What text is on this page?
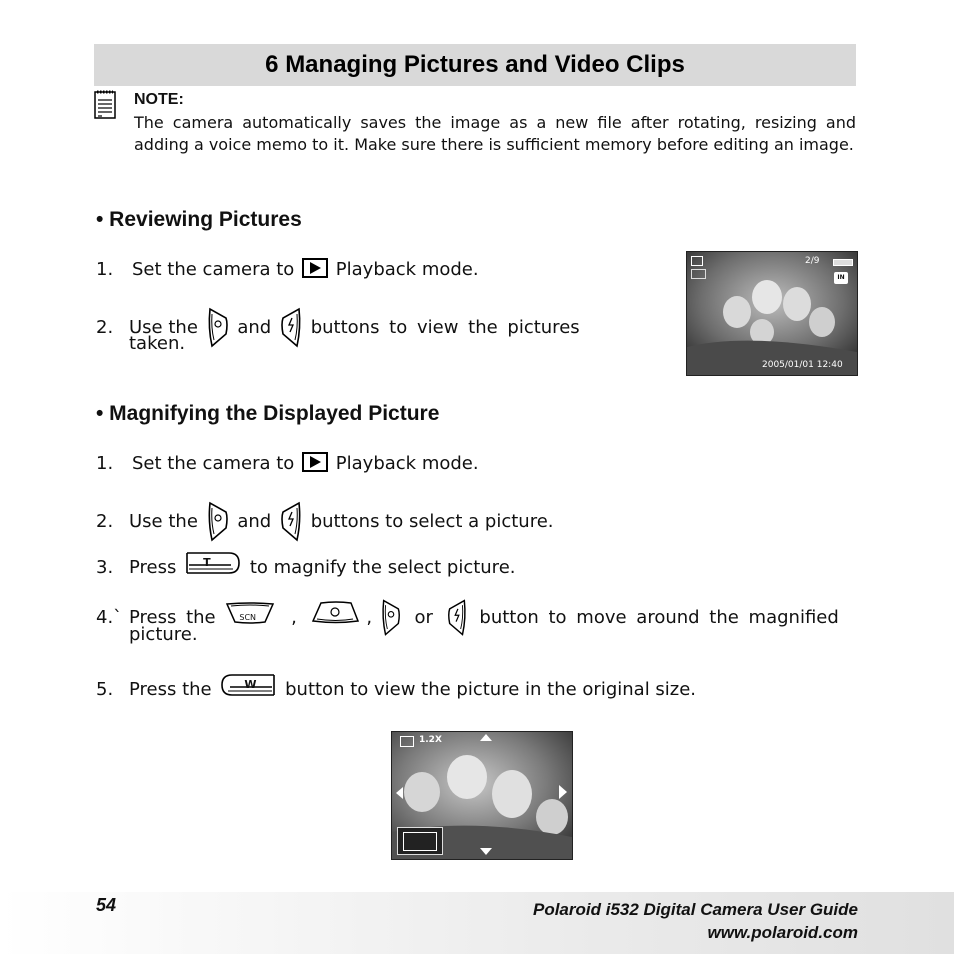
6 Managing Pictures and Video Clips
NOTE:
The camera automatically saves the image as a new file after rotating, resizing and adding a voice memo to it. Make sure there is sufficient memory before editing an image.
• Reviewing Pictures
1. Set the camera to Playback mode.
2. Use the and buttons to view the pictures
taken.
2/9
IN
2005/01/01 12:40
• Magnifying the Displayed Picture
1. Set the camera to Playback mode.
2. Use the and buttons to select a picture.
3. Press T to magnify the select picture.
4.` Press the	SCN ,	, or	button to move around the magnified
picture.
5. Press the	W button to view the picture in the original size.
1.2X
54	Polaroid i532 Digital Camera User Guide
www.polaroid.com
